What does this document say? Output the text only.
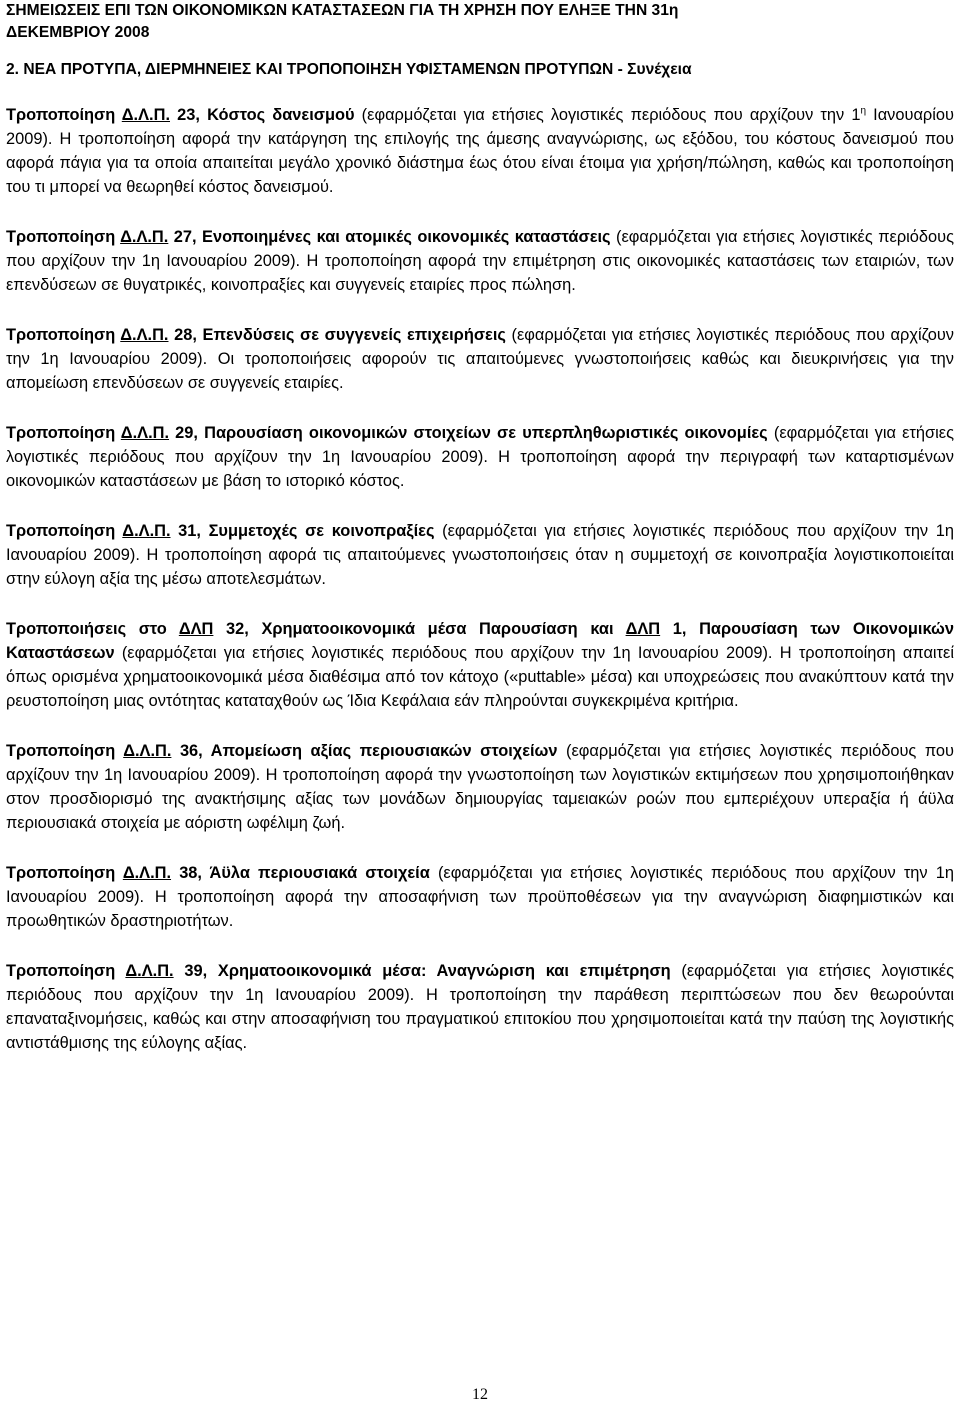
ΣΗΜΕΙΩΣΕΙΣ ΕΠΙ ΤΩΝ ΟΙΚΟΝΟΜΙΚΩΝ ΚΑΤΑΣΤΑΣΕΩΝ ΓΙΑ ΤΗ ΧΡΗΣΗ ΠΟΥ ΕΛΗΞΕ ΤΗΝ 31η
ΔΕΚΕΜΒΡΙΟΥ 2008

2. ΝΕΑ ΠΡΟΤΥΠΑ, ΔΙΕΡΜΗΝΕΙΕΣ ΚΑΙ ΤΡΟΠΟΠΟΙΗΣΗ ΥΦΙΣΤΑΜΕΝΩΝ ΠΡΟΤΥΠΩΝ - Συνέχεια

Τροποποίηση Δ.Λ.Π. 23, Κόστος δανεισμού (εφαρμόζεται για ετήσιες λογιστικές περιόδους που αρχίζουν την $1^\eta$ Ιανουαρίου 2009). Η τροποποίηση αφορά την κατάργηση της επιλογής της άμεσης αναγνώρισης, ως εξόδου, του κόστους δανεισμού που αφορά πάγια για τα οποία απαιτείται μεγάλο χρονικό διάστημα έως ότου είναι έτοιμα για χρήση/πώληση, καθώς και τροποποίηση του τι μπορεί να θεωρηθεί κόστος δανεισμού.

Τροποποίηση Δ.Λ.Π. 27, Ενοποιημένες και ατομικές οικονομικές καταστάσεις (εφαρμόζεται για ετήσιες λογιστικές περιόδους που αρχίζουν την 1η Ιανουαρίου 2009). Η τροποποίηση αφορά την επιμέτρηση στις οικονομικές καταστάσεις των εταιριών, των επενδύσεων σε θυγατρικές, κοινοπραξίες και συγγενείς εταιρίες προς πώληση.

Τροποποίηση Δ.Λ.Π. 28, Επενδύσεις σε συγγενείς επιχειρήσεις (εφαρμόζεται για ετήσιες λογιστικές περιόδους που αρχίζουν την 1η Ιανουαρίου 2009). Οι τροποποιήσεις αφορούν τις απαιτούμενες γνωστοποιήσεις καθώς και διευκρινήσεις για την απομείωση επενδύσεων σε συγγενείς εταιρίες.

Τροποποίηση Δ.Λ.Π. 29, Παρουσίαση οικονομικών στοιχείων σε υπερπληθωριστικές οικονομίες (εφαρμόζεται για ετήσιες λογιστικές περιόδους που αρχίζουν την 1η Ιανουαρίου 2009). Η τροποποίηση αφορά την περιγραφή των καταρτισμένων οικονομικών καταστάσεων με βάση το ιστορικό κόστος.

Τροποποίηση Δ.Λ.Π. 31, Συμμετοχές σε κοινοπραξίες (εφαρμόζεται για ετήσιες λογιστικές περιόδους που αρχίζουν την 1η Ιανουαρίου 2009). Η τροποποίηση αφορά τις απαιτούμενες γνωστοποιήσεις όταν η συμμετοχή σε κοινοπραξία λογιστικοποιείται στην εύλογη αξία της μέσω αποτελεσμάτων.

Τροποποιήσεις στο ΔΛΠ 32, Χρηματοοικονομικά μέσα Παρουσίαση και ΔΛΠ 1, Παρουσίαση των Οικονομικών Καταστάσεων (εφαρμόζεται για ετήσιες λογιστικές περιόδους που αρχίζουν την 1η Ιανουαρίου 2009). Η τροποποίηση απαιτεί όπως ορισμένα χρηματοοικονομικά μέσα διαθέσιμα από τον κάτοχο («puttable» μέσα) και υποχρεώσεις που ανακύπτουν κατά την ρευστοποίηση μιας οντότητας καταταχθούν ως Ίδια Κεφάλαια εάν πληρούνται συγκεκριμένα κριτήρια.

Τροποποίηση Δ.Λ.Π. 36, Απομείωση αξίας περιουσιακών στοιχείων (εφαρμόζεται για ετήσιες λογιστικές περιόδους που αρχίζουν την 1η Ιανουαρίου 2009). Η τροποποίηση αφορά την γνωστοποίηση των λογιστικών εκτιμήσεων που χρησιμοποιήθηκαν στον προσδιορισμό της ανακτήσιμης αξίας των μονάδων δημιουργίας ταμειακών ροών που εμπεριέχουν υπεραξία ή άϋλα περιουσιακά στοιχεία με αόριστη ωφέλιμη ζωή.

Τροποποίηση Δ.Λ.Π. 38, Άϋλα περιουσιακά στοιχεία (εφαρμόζεται για ετήσιες λογιστικές περιόδους που αρχίζουν την 1η Ιανουαρίου 2009). Η τροποποίηση αφορά την αποσαφήνιση των προϋποθέσεων για την αναγνώριση διαφημιστικών και προωθητικών δραστηριοτήτων.

Τροποποίηση Δ.Λ.Π. 39, Χρηματοοικονομικά μέσα: Αναγνώριση και επιμέτρηση (εφαρμόζεται για ετήσιες λογιστικές περιόδους που αρχίζουν την 1η Ιανουαρίου 2009). Η τροποποίηση την παράθεση περιπτώσεων που δεν θεωρούνται επαναταξινομήσεις, καθώς και στην αποσαφήνιση του πραγματικού επιτοκίου που χρησιμοποιείται κατά την παύση της λογιστικής αντιστάθμισης της εύλογης αξίας.

12
